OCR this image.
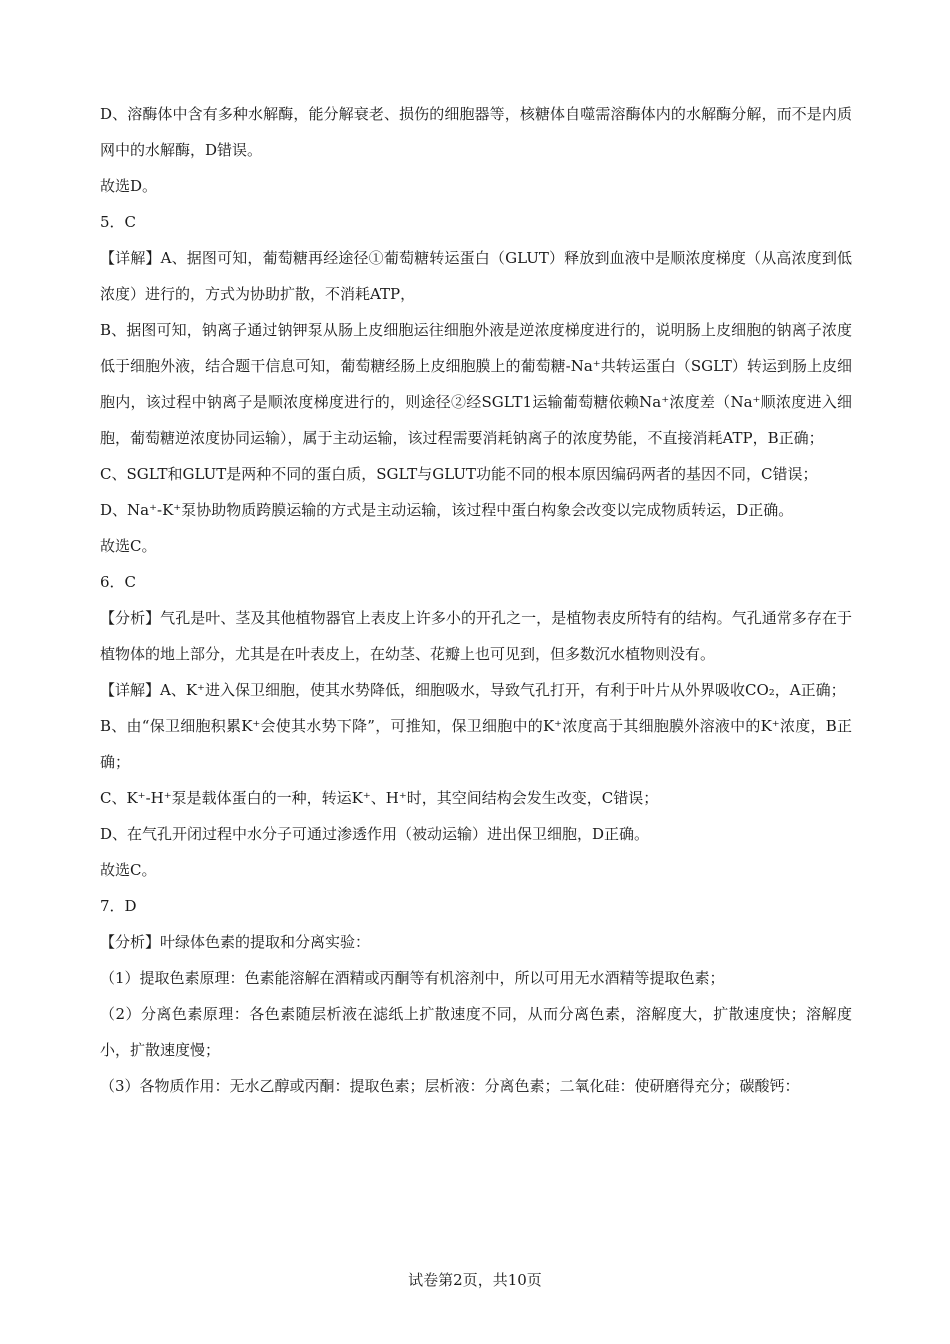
D、溶酶体中含有多种水解酶，能分解衰老、损伤的细胞器等，核糖体自噬需溶酶体内的水解酶分解，而不是内质网中的水解酶，D错误。

故选D。

5．C

【详解】A、据图可知，葡萄糖再经途径①葡萄糖转运蛋白（GLUT）释放到血液中是顺浓度梯度（从高浓度到低浓度）进行的，方式为协助扩散，不消耗ATP，

B、据图可知，钠离子通过钠钾泵从肠上皮细胞运往细胞外液是逆浓度梯度进行的，说明肠上皮细胞的钠离子浓度低于细胞外液，结合题干信息可知，葡萄糖经肠上皮细胞膜上的葡萄糖-Na⁺共转运蛋白（SGLT）转运到肠上皮细胞内，该过程中钠离子是顺浓度梯度进行的，则途径②经SGLT1运输葡萄糖依赖Na⁺浓度差（Na⁺顺浓度进入细胞，葡萄糖逆浓度协同运输），属于主动运输，该过程需要消耗钠离子的浓度势能，不直接消耗ATP，B正确；

C、SGLT和GLUT是两种不同的蛋白质，SGLT与GLUT功能不同的根本原因编码两者的基因不同，C错误；

D、Na⁺-K⁺泵协助物质跨膜运输的方式是主动运输，该过程中蛋白构象会改变以完成物质转运，D正确。

故选C。

6．C

【分析】气孔是叶、茎及其他植物器官上表皮上许多小的开孔之一，是植物表皮所特有的结构。气孔通常多存在于植物体的地上部分，尤其是在叶表皮上，在幼茎、花瓣上也可见到，但多数沉水植物则没有。

【详解】A、K⁺进入保卫细胞，使其水势降低，细胞吸水，导致气孔打开，有利于叶片从外界吸收CO₂，A正确；

B、由“保卫细胞积累K⁺会使其水势下降”，可推知，保卫细胞中的K⁺浓度高于其细胞膜外溶液中的K⁺浓度，B正确；

C、K⁺-H⁺泵是载体蛋白的一种，转运K⁺、H⁺时，其空间结构会发生改变，C错误；

D、在气孔开闭过程中水分子可通过渗透作用（被动运输）进出保卫细胞，D正确。

故选C。

7．D

【分析】叶绿体色素的提取和分离实验：

（1）提取色素原理：色素能溶解在酒精或丙酮等有机溶剂中，所以可用无水酒精等提取色素；

（2）分离色素原理：各色素随层析液在滤纸上扩散速度不同，从而分离色素，溶解度大，扩散速度快；溶解度小，扩散速度慢；

（3）各物质作用：无水乙醇或丙酮：提取色素；层析液：分离色素；二氧化硅：使研磨得充分；碳酸钙：

试卷第2页，共10页
